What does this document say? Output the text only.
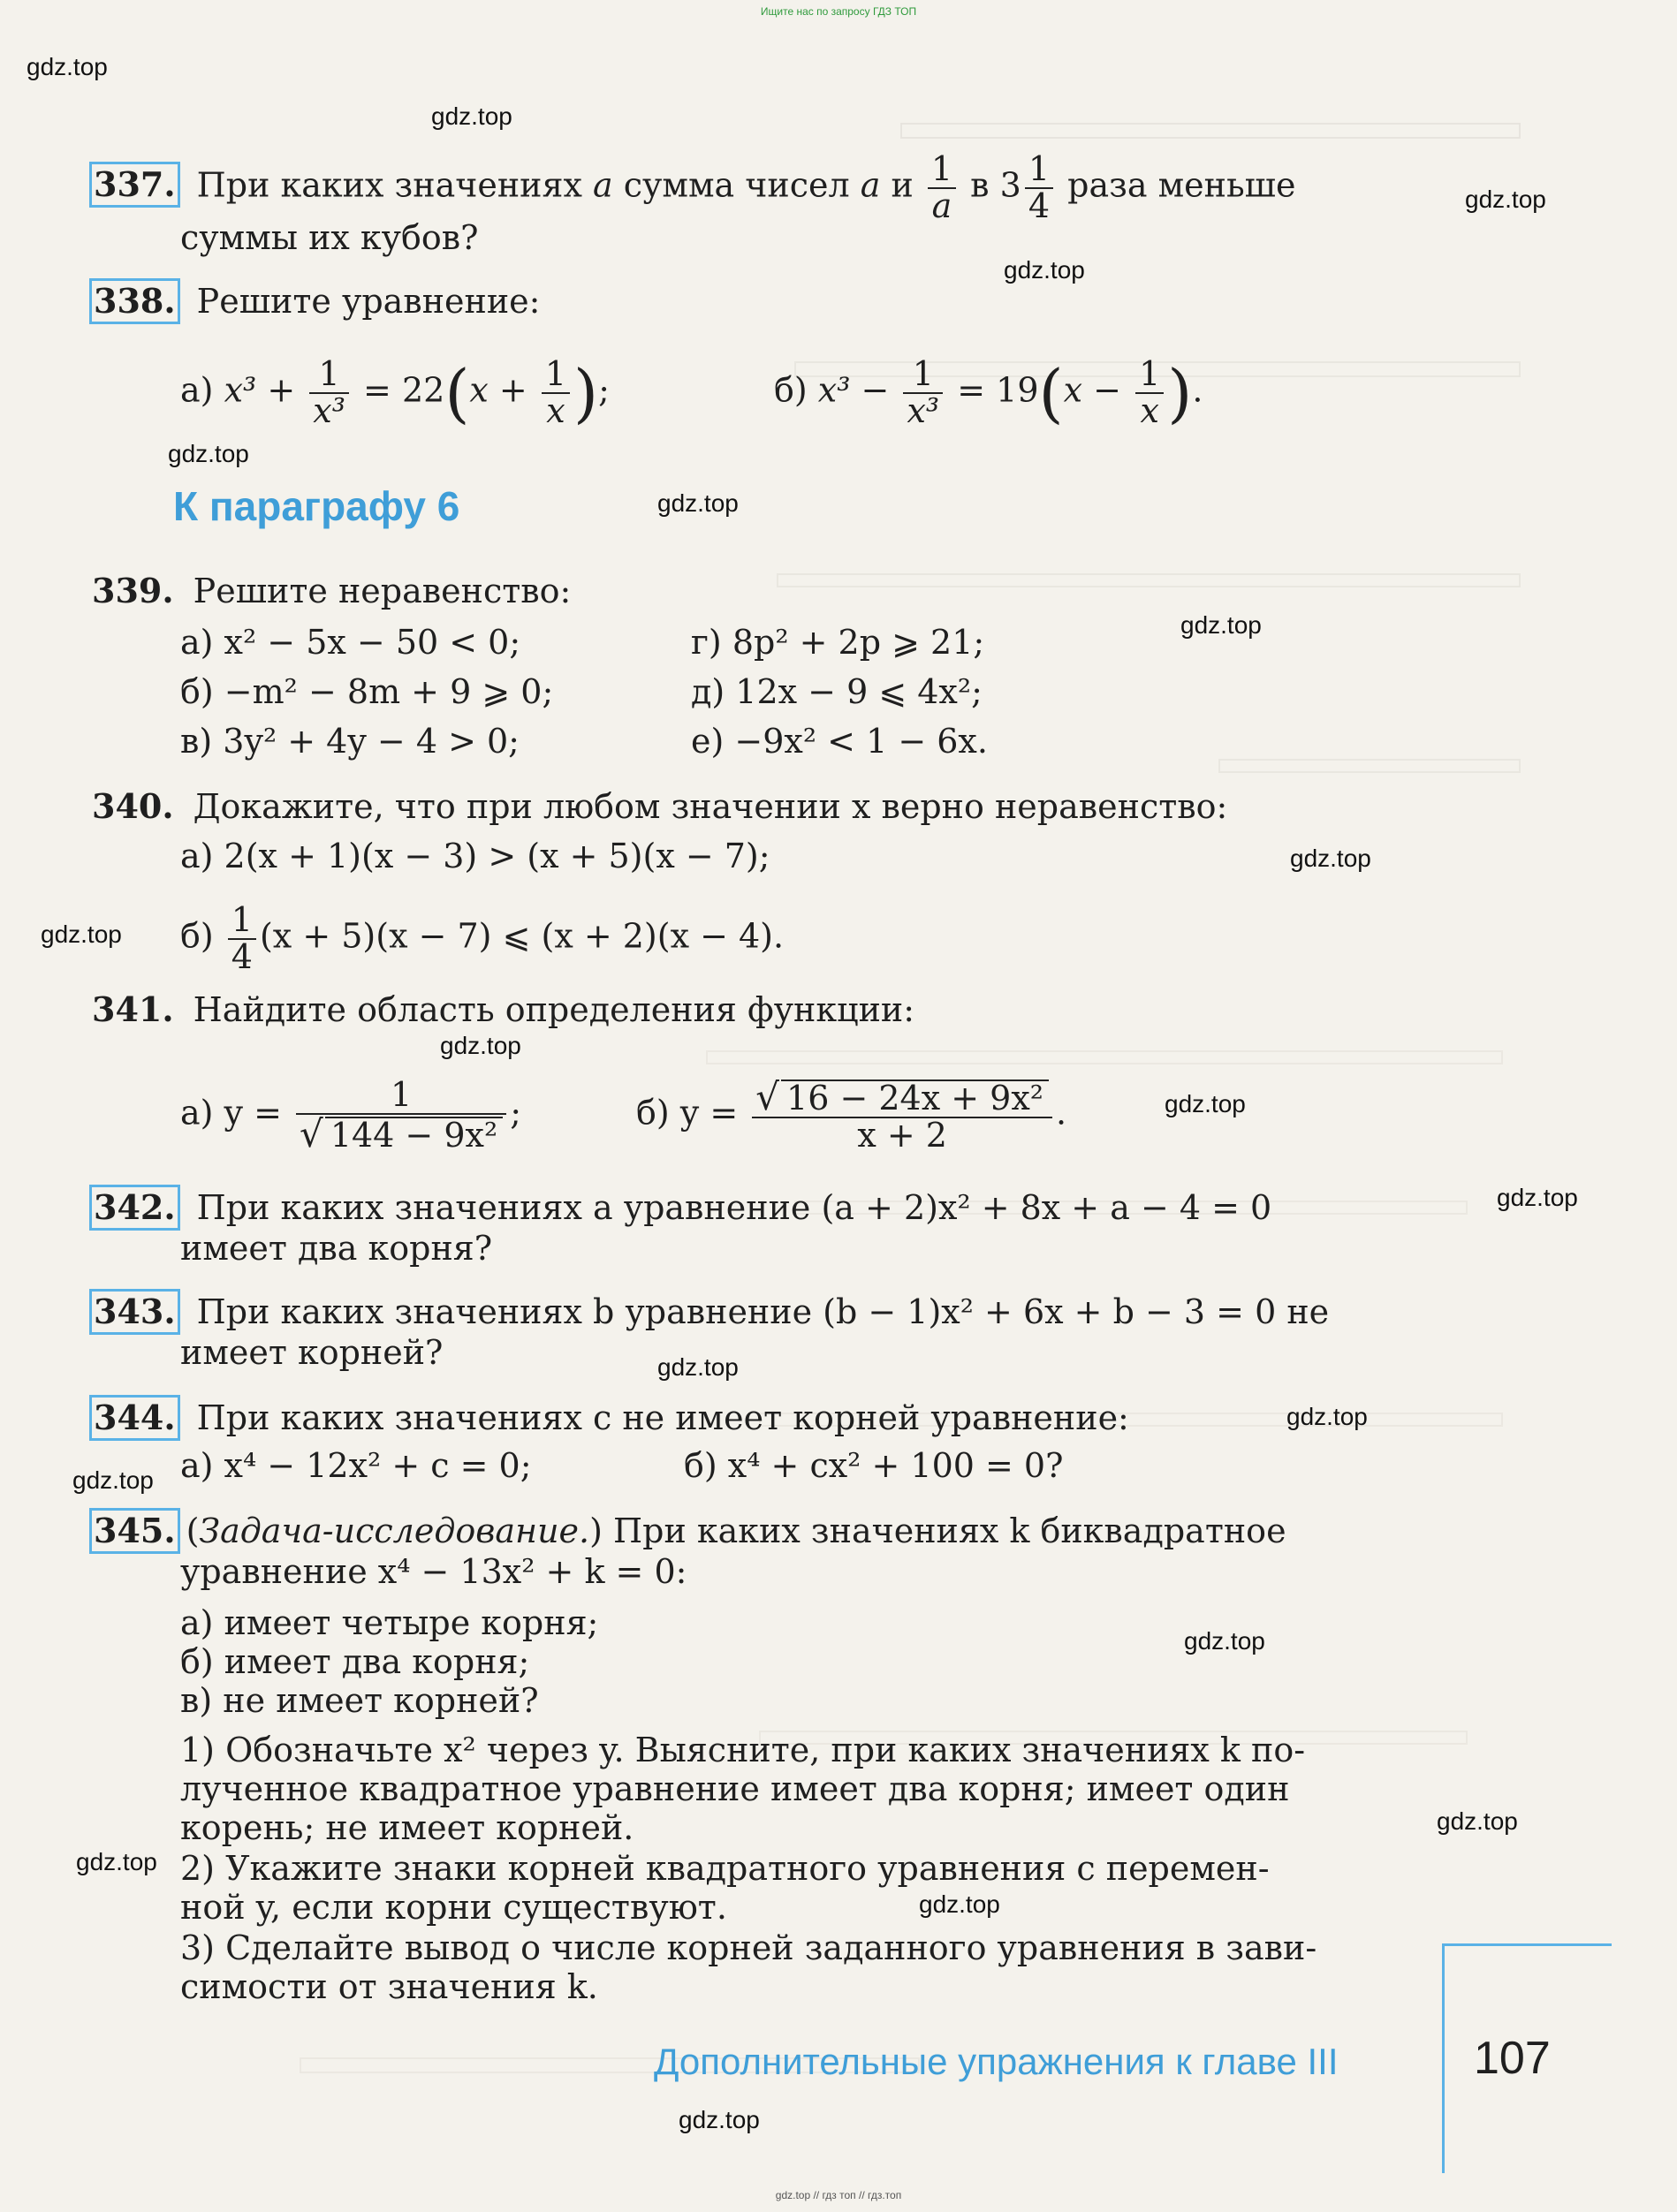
Ищите нас по запросу ГДЗ ТОП
gdz.top
gdz.top
gdz.top
gdz.top
gdz.top
gdz.top
gdz.top
gdz.top
gdz.top
gdz.top
gdz.top
gdz.top
gdz.top
gdz.top
gdz.top
gdz.top
gdz.top
gdz.top
gdz.top
gdz.top
337. При каких значениях a сумма чисел a и $\frac{1}{a}$ в $3 \frac{1}{4}$ раза меньше
суммы их кубов?
338. Решите уравнение:
а) $x^3 + \frac{1}{\text{x³}} = 22(x + \frac{1}{x}$ );	б) $x^3 - \frac{1}{\text{x³}} = 19(x - \frac{1}{x}$ ).
К параграфу 6
339. Решите неравенство:
а) x² − 5x − 50 < 0;	г) 8p² + 2p ⩾ 21;
б) −m² − 8m + 9 ⩾ 0;	д) 12x − 9 ⩽ 4x²;
в) 3y² + 4y − 4 > 0;	е) −9x² < 1 − 6x.
340. Докажите, что при любом значении x верно неравенство:
а) 2(x + 1)(x − 3) > (x + 5)(x − 7);
$б) \frac{1}{4} (x + 5)(x - 7)$ ⩽ (x + 2)(x − 4).
341. Найдите область определения функции:
а) $y = \frac{1}{\text{√ 144 − 9x²}}$ ;	б) $y = \frac{\text{√ 16 − 24x + 9x²}}{x + 2}$ .
342. При каких значениях a уравнение (a + 2)x² + 8x + a − 4 = 0
имеет два корня?
343. При каких значениях b уравнение (b − 1)x² + 6x + b − 3 = 0 не
имеет корней?
344. При каких значениях c не имеет корней уравнение:
а) x⁴ − 12x² + c = 0;	б) x⁴ + cx² + 100 = 0?
345. (Задача-исследование.) При каких значениях k биквадратное
уравнение x⁴ − 13x² + k = 0:
а) имеет четыре корня;
б) имеет два корня;
в) не имеет корней?
1) Обозначьте x² через y. Выясните, при каких значениях k по-
лученное квадратное уравнение имеет два корня; имеет один
корень; не имеет корней.
2) Укажите знаки корней квадратного уравнения с перемен-
ной y, если корни существуют.
3) Сделайте вывод о числе корней заданного уравнения в зави-
симости от значения k.
Дополнительные упражнения к главе III	107
gdz.top // гдз топ // гдз.топ
